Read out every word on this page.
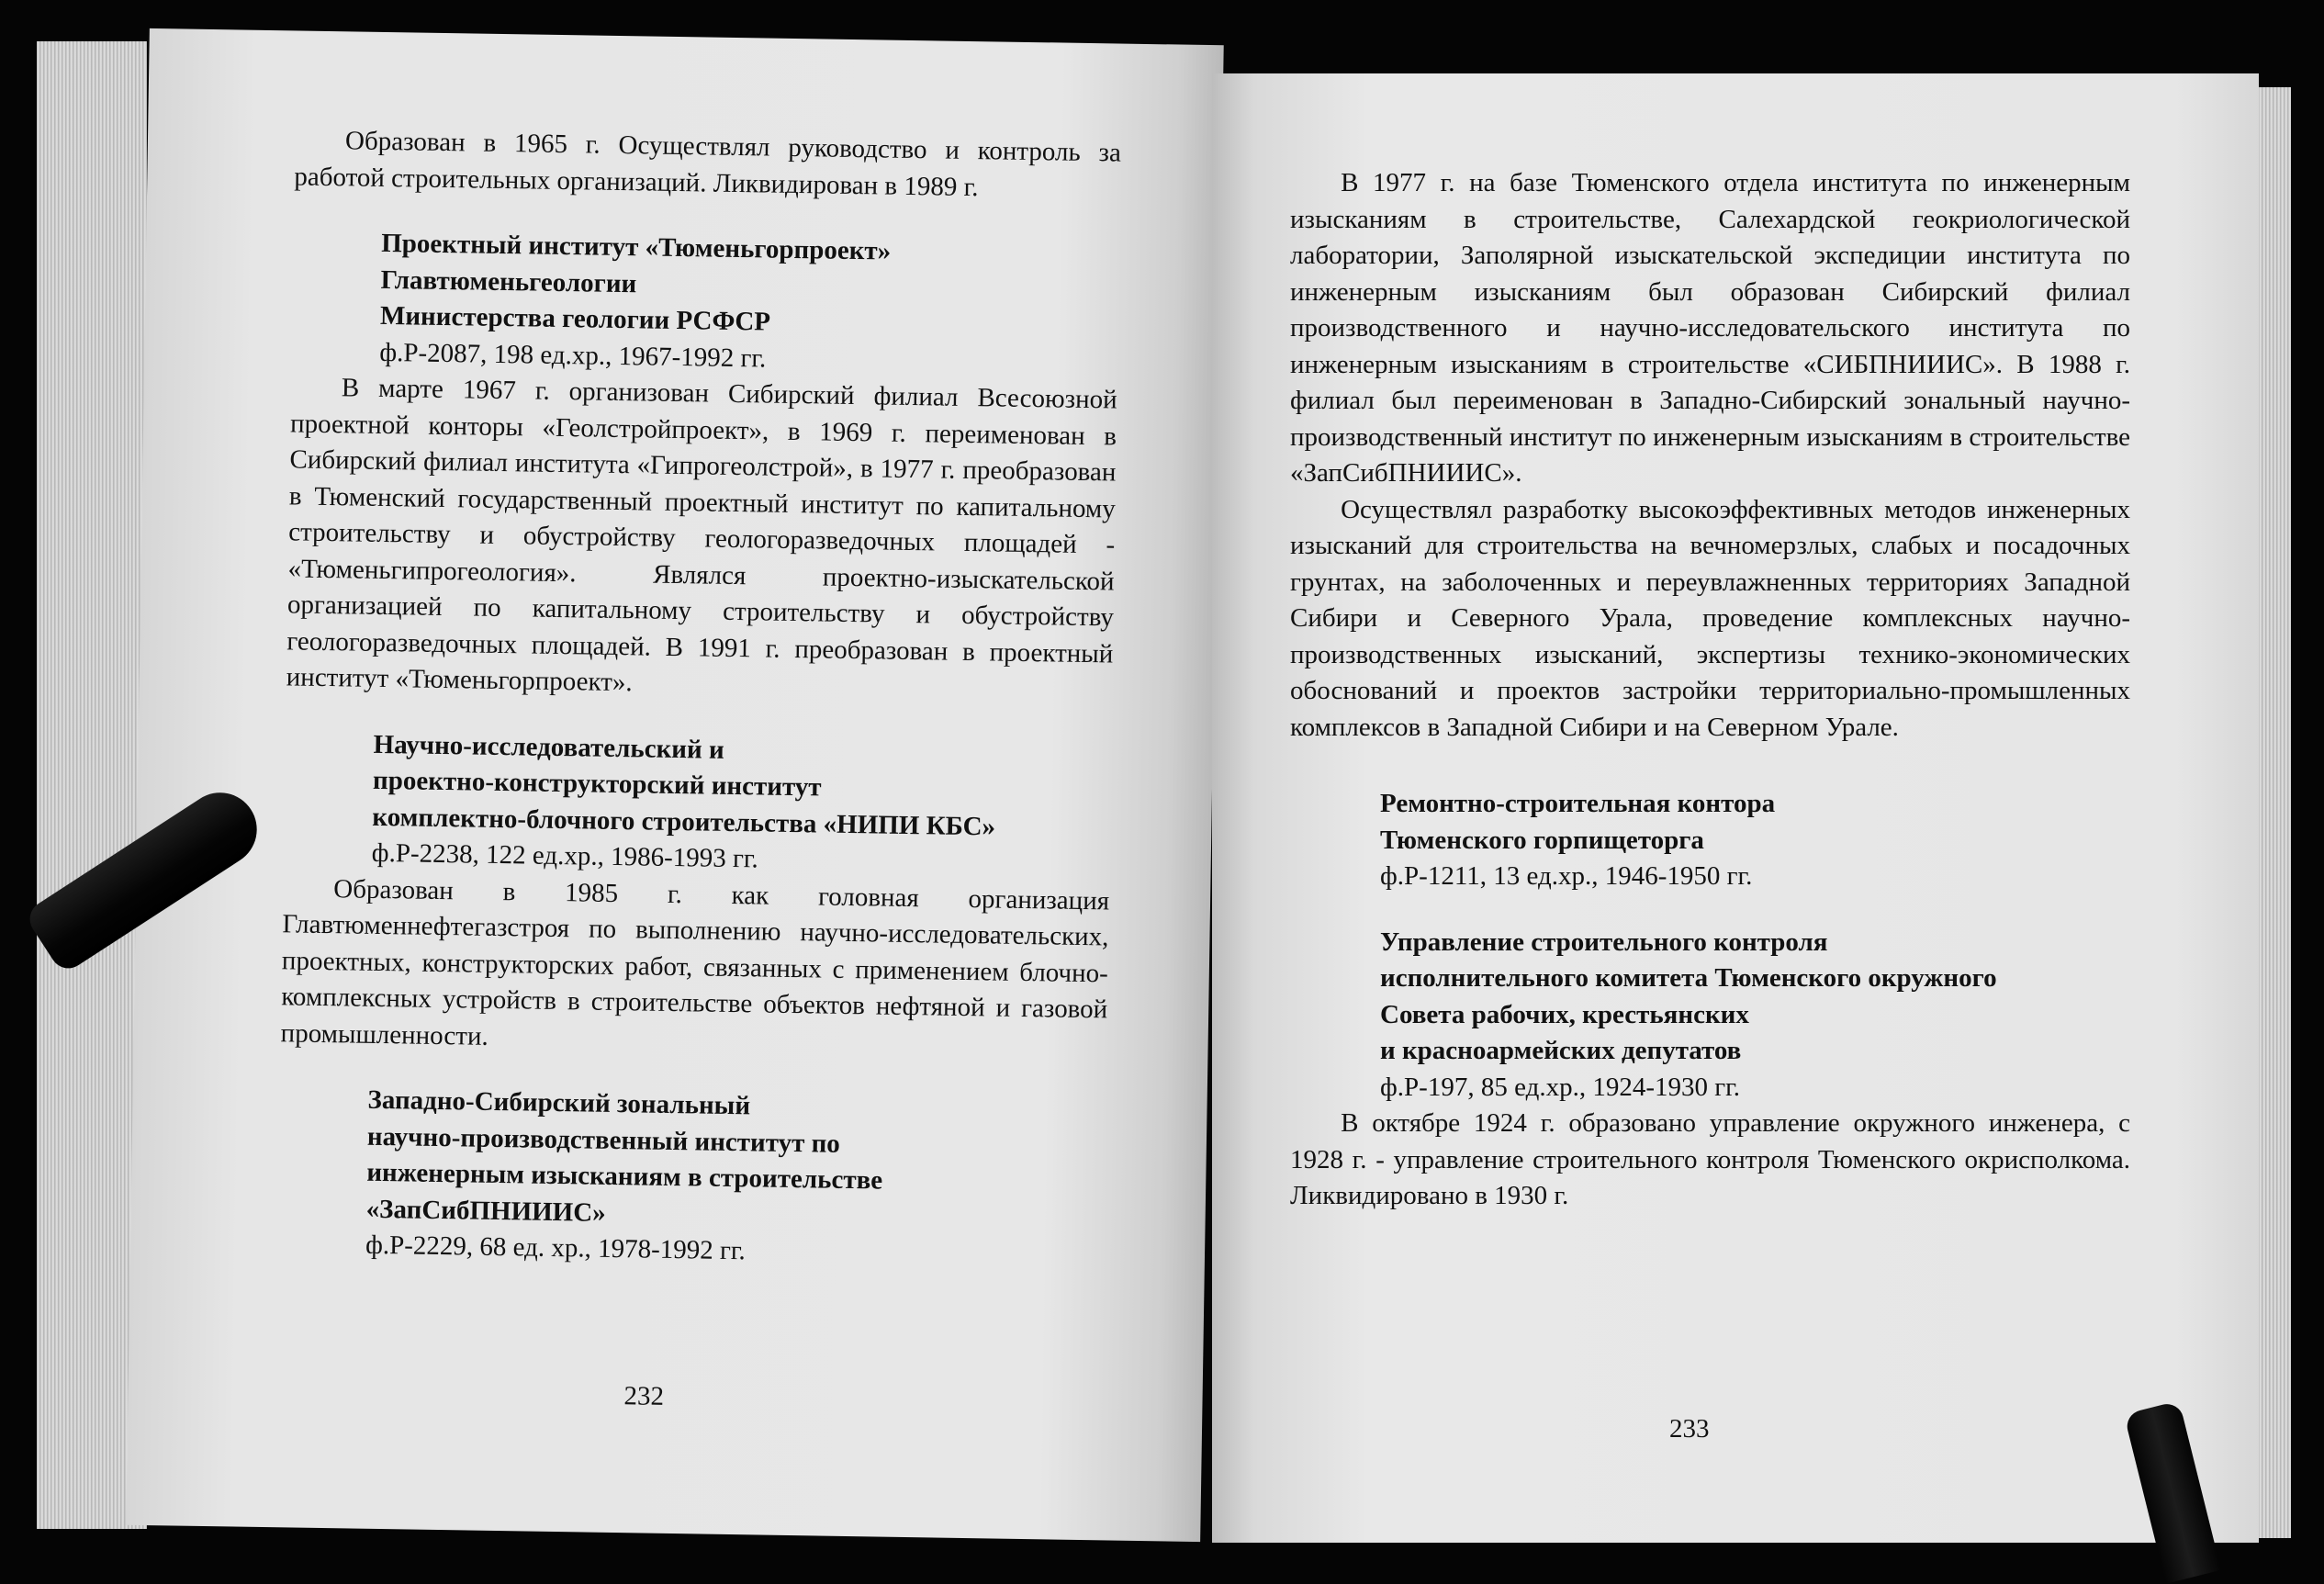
Образован в 1965 г. Осуществлял руководство и контроль за работой строительных организаций. Ликвидирован в 1989 г.

Проектный институт «Тюменьгорпроект»
Главтюменьгеологии
Министерства геологии РСФСР
ф.Р-2087, 198 ед.хр., 1967-1992 гг.

В марте 1967 г. организован Сибирский филиал Всесоюзной проектной конторы «Геолстройпроект», в 1969 г. переименован в Сибирский филиал института «Гипрогеолстрой», в 1977 г. преобразован в Тюменский государственный проектный институт по капитальному строительству и обустройству геологоразведочных площадей - «Тюменьгипрогеология». Являлся проектно-изыскательской организацией по капитальному строительству и обустройству геологоразведочных площадей. В 1991 г. преобразован в проектный институт «Тюменьгорпроект».

Научно-исследовательский и
проектно-конструкторский институт
комплектно-блочного строительства «НИПИ КБС»
ф.Р-2238, 122 ед.хр., 1986-1993 гг.

Образован в 1985 г. как головная организация Главтюменнефтегазстроя по выполнению научно-исследовательских, проектных, конструкторских работ, связанных с применением блочно-комплексных устройств в строительстве объектов нефтяной и газовой промышленности.

Западно-Сибирский зональный
научно-производственный институт по
инженерным изысканиям в строительстве
«ЗапСибПНИИИС»
ф.Р-2229, 68 ед. хр., 1978-1992 гг.
232

В 1977 г. на базе Тюменского отдела института по инженерным изысканиям в строительстве, Салехардской геокриологической лаборатории, Заполярной изыскательской экспедиции института по инженерным изысканиям был образован Сибирский филиал производственного и научно-исследовательского института по инженерным изысканиям в строительстве «СИБПНИИИС». В 1988 г. филиал был переименован в Западно-Сибирский зональный научно-производственный институт по инженерным изысканиям в строительстве «ЗапСибПНИИИС».

Осуществлял разработку высокоэффективных методов инженерных изысканий для строительства на вечномерзлых, слабых и посадочных грунтах, на заболоченных и переувлажненных территориях Западной Сибири и Северного Урала, проведение комплексных научно-производственных изысканий, экспертизы технико-экономических обоснований и проектов застройки территориально-промышленных комплексов в Западной Сибири и на Северном Урале.

Ремонтно-строительная контора
Тюменского горпищеторга
ф.Р-1211, 13 ед.хр., 1946-1950 гг.
Управление строительного контроля
исполнительного комитета Тюменского окружного
Совета рабочих, крестьянских
и красноармейских депутатов
ф.Р-197, 85 ед.хр., 1924-1930 гг.

В октябре 1924 г. образовано управление окружного инженера, с 1928 г. - управление строительного контроля Тюменского окрисполкома. Ликвидировано в 1930 г.

233
